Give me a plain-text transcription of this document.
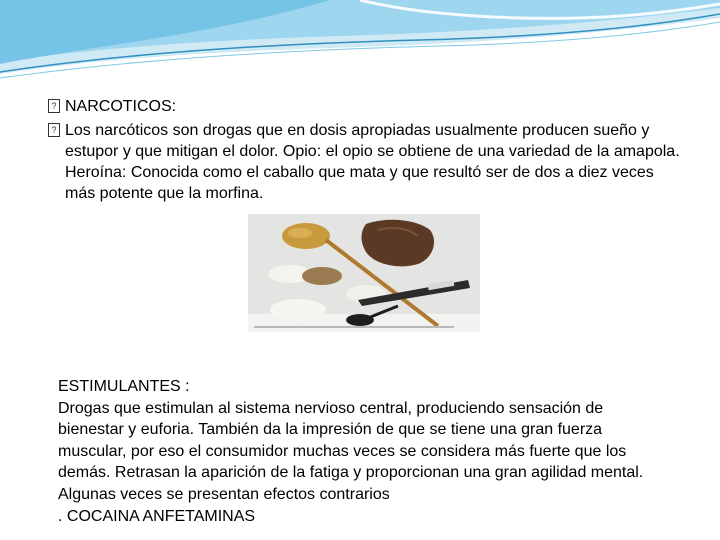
? NARCOTICOS:
? Los narcóticos son drogas que en dosis apropiadas usualmente producen sueño y estupor y que mitigan el dolor. Opio: el opio se obtiene de una variedad de la amapola. Heroína: Conocida como el caballo que mata y que resultó ser de dos a diez veces más potente que la morfina.

ESTIMULANTES :

Drogas que estimulan al sistema nervioso central, produciendo sensación de bienestar y euforia. También da la impresión de que se tiene una gran fuerza muscular, por eso el consumidor muchas veces se considera más fuerte que los demás. Retrasan la aparición de la fatiga y proporcionan una gran agilidad mental. Algunas veces se presentan efectos contrarios

. COCAINA ANFETAMINAS
